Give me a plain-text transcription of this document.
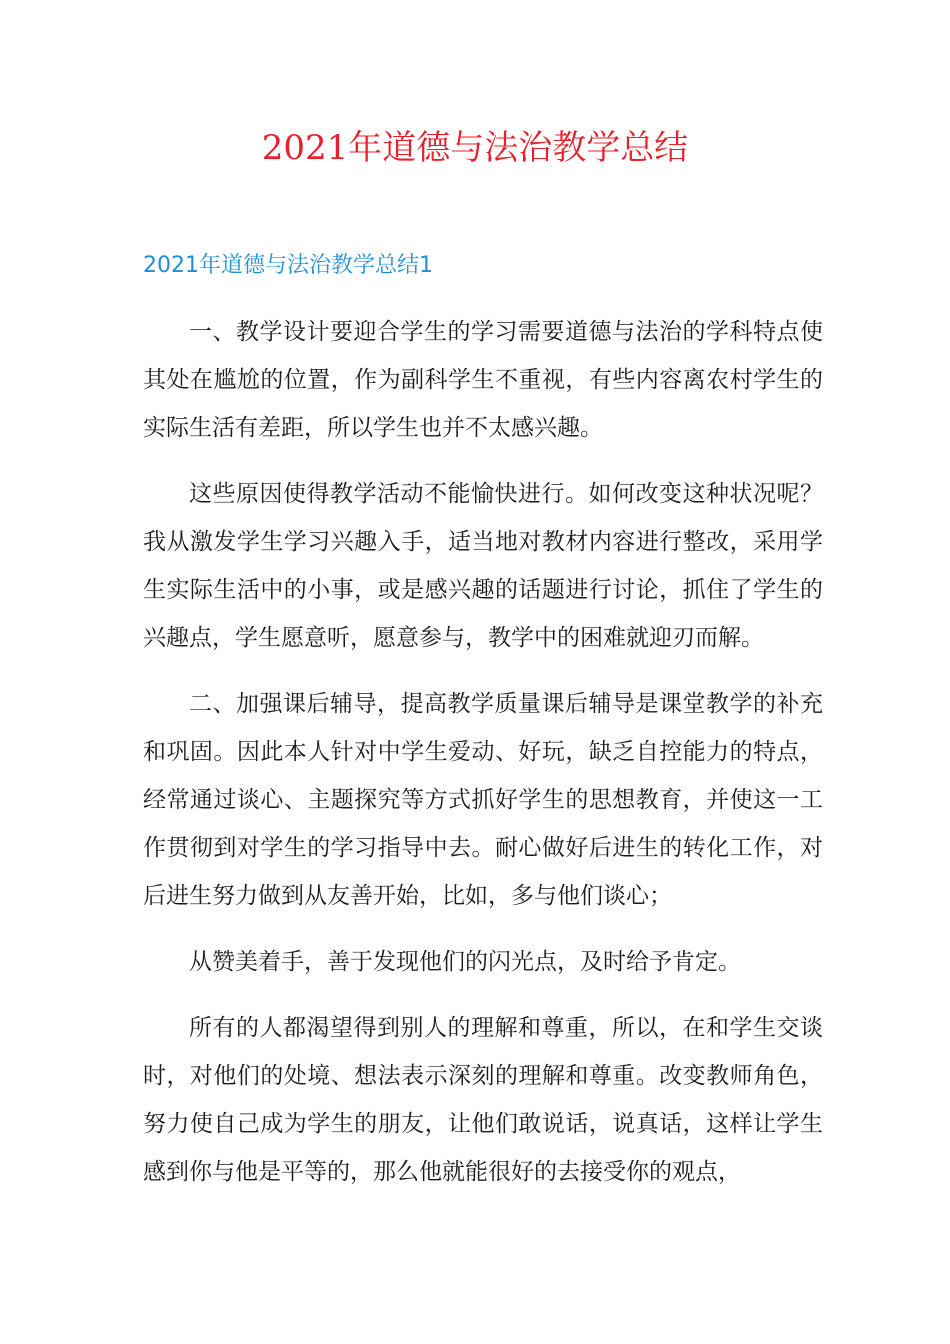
2021年道德与法治教学总结
2021年道德与法治教学总结1

一、教学设计要迎合学生的学习需要道德与法治的学科特点使其处在尴尬的位置，作为副科学生不重视，有些内容离农村学生的实际生活有差距，所以学生也并不太感兴趣。

这些原因使得教学活动不能愉快进行。如何改变这种状况呢？我从激发学生学习兴趣入手，适当地对教材内容进行整改，采用学生实际生活中的小事，或是感兴趣的话题进行讨论，抓住了学生的兴趣点，学生愿意听，愿意参与，教学中的困难就迎刃而解。

二、加强课后辅导，提高教学质量课后辅导是课堂教学的补充和巩固。因此本人针对中学生爱动、好玩，缺乏自控能力的特点，经常通过谈心、主题探究等方式抓好学生的思想教育，并使这一工作贯彻到对学生的学习指导中去。耐心做好后进生的转化工作，对后进生努力做到从友善开始，比如，多与他们谈心；

从赞美着手，善于发现他们的闪光点，及时给予肯定。

所有的人都渴望得到别人的理解和尊重，所以，在和学生交谈时，对他们的处境、想法表示深刻的理解和尊重。改变教师角色，努力使自己成为学生的朋友，让他们敢说话，说真话，这样让学生感到你与他是平等的，那么他就能很好的去接受你的观点，
